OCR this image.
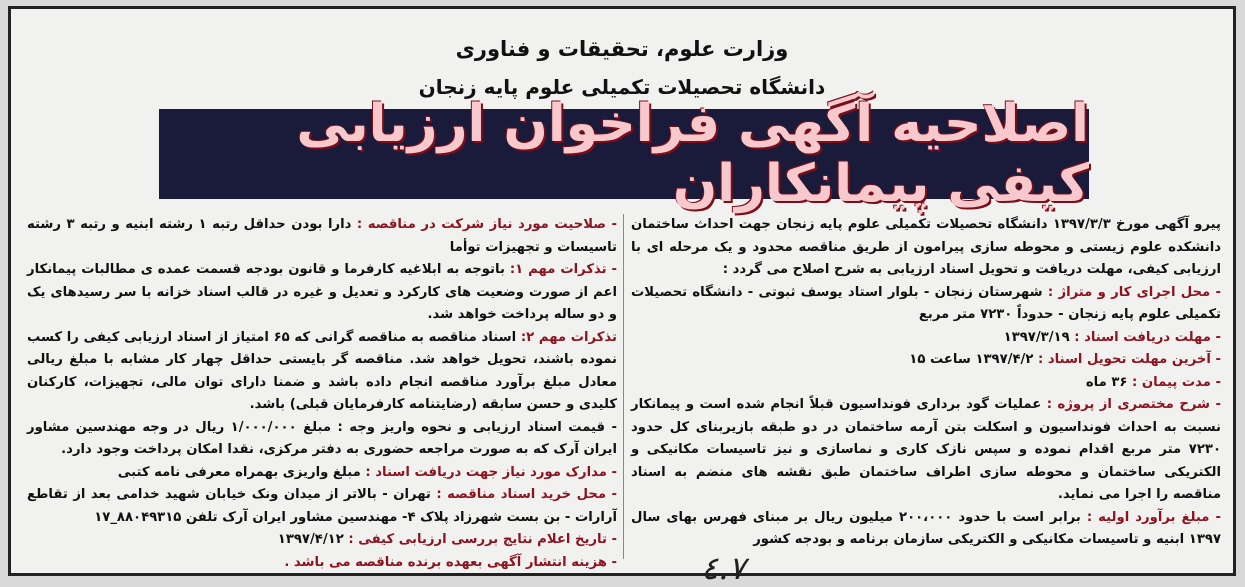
وزارت علوم، تحقیقات و فناوری
دانشگاه تحصیلات تکمیلی علوم پایه زنجان
اصلاحیه آگهی فراخوان ارزیابی کیفی پیمانکاران
پیرو آگهی مورخ ۱۳۹۷/۳/۳ دانشگاه تحصیلات تکمیلی علوم پایه زنجان جهت احداث ساختمان دانشکده علوم زیستی و محوطه سازی پیرامون از طریق مناقصه محدود و یک مرحله ای با ارزیابی کیفی، مهلت دریافت و تحویل اسناد ارزیابی به شرح اصلاح می گردد :
- محل اجرای کار و متراژ : شهرستان زنجان - بلوار استاد یوسف ثبوتی - دانشگاه تحصیلات تکمیلی علوم پایه زنجان - حدوداً ۷۲۳۰ متر مربع
- مهلت دریافت اسناد : ۱۳۹۷/۳/۱۹
- آخرین مهلت تحویل اسناد : ۱۳۹۷/۴/۲ ساعت ۱۵
- مدت پیمان : ۳۶ ماه
- شرح مختصری از پروژه : عملیات گود برداری فونداسیون قبلاً انجام شده است و پیمانکار نسبت به احداث فونداسیون و اسکلت بتن آرمه ساختمان در دو طبقه بازیربنای کل حدود ۷۲۳۰ متر مربع اقدام نموده و سپس نازک کاری و نماسازی و نیز تاسیسات مکانیکی و الکتریکی ساختمان و محوطه سازی اطراف ساختمان طبق نقشه های منضم به اسناد مناقصه را اجرا می نماید.
- مبلغ برآورد اولیه : برابر است با حدود ۲۰۰،۰۰۰ میلیون ریال بر مبنای فهرس بهای سال ۱۳۹۷ ابنیه و تاسیسات مکانیکی و الکتریکی سازمان برنامه و بودجه کشور
- صلاحیت مورد نیاز شرکت در مناقصه : دارا بودن حداقل رتبه ۱ رشته ابنیه و رتبه ۳ رشته تاسیسات و تجهیزات توأما
- تذکرات مهم ۱: باتوجه به ابلاغیه کارفرما و قانون بودجه قسمت عمده ی مطالبات پیمانکار اعم از صورت وضعیت های کارکرد و تعدیل و غیره در قالب اسناد خزانه با سر رسیدهای یک و دو ساله پرداخت خواهد شد.
تذکرات مهم ۲: اسناد مناقصه به مناقصه گرانی که ۶۵ امتیاز از اسناد ارزیابی کیفی را کسب نموده باشند، تحویل خواهد شد. مناقصه گر بایستی حداقل چهار کار مشابه با مبلغ ریالی معادل مبلغ برآورد مناقصه انجام داده باشد و ضمنا دارای توان مالی، تجهیزات، کارکنان کلیدی و حسن سابقه (رضایتنامه کارفرمایان قبلی) باشد.
- قیمت اسناد ارزیابی و نحوه واریز وجه : مبلغ ۱/۰۰۰/۰۰۰ ریال در وجه مهندسین مشاور ایران آرک که به صورت مراجعه حضوری به دفتر مرکزی، نقدا امکان پرداخت وجود دارد.
- مدارک مورد نیاز جهت دریافت اسناد : مبلغ واریزی بهمراه معرفی نامه کتبی
- محل خرید اسناد مناقصه : تهران - بالاتر از میدان ونک خیابان شهید خدامی بعد از تقاطع آرارات - بن بست شهرزاد پلاک ۴- مهندسین مشاور ایران آرک تلفن ۸۸۰۴۹۳۱۵_۱۷
- تاریخ اعلام نتایج بررسی ارزیابی کیفی : ۱۳۹۷/۴/۱۲
- هزینه انتشار آگهی بعهده برنده مناقصه می باشد .	٤.٧
